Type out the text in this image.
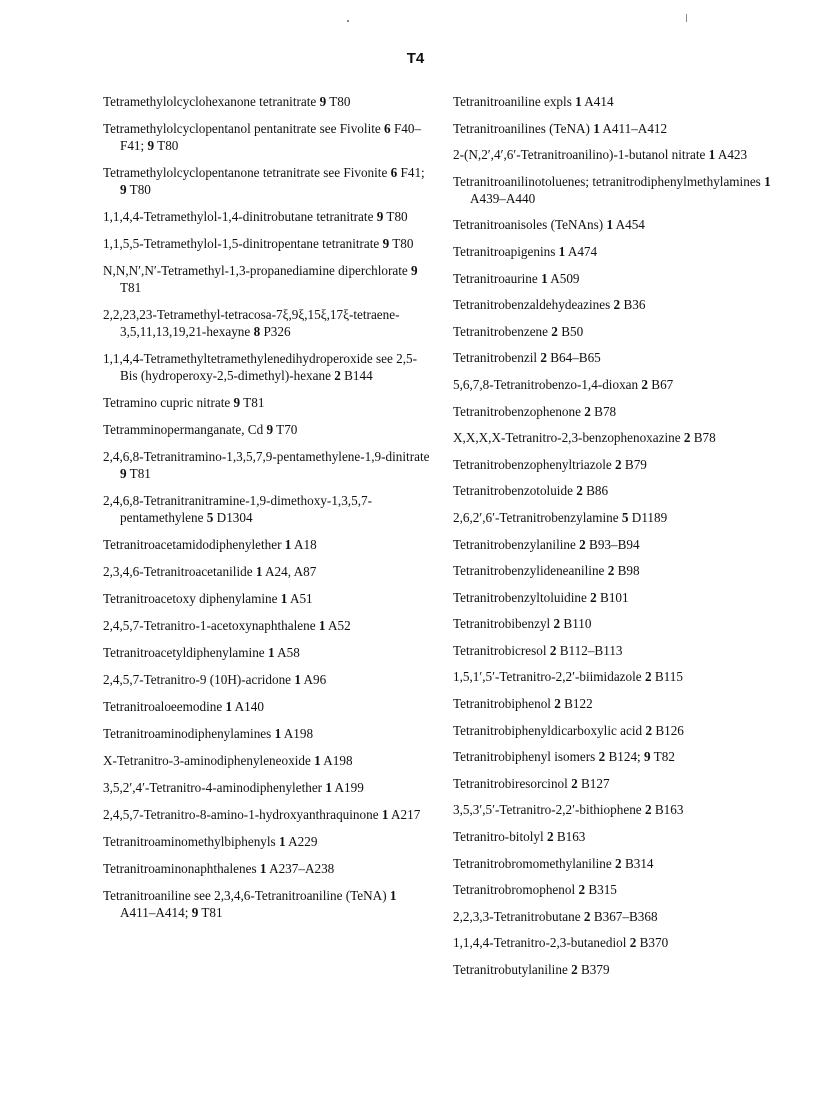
T4
Tetramethylolcyclohexanone tetranitrate 9 T80
Tetramethylolcyclopentanol pentanitrate see Fivolite 6 F40–F41; 9 T80
Tetramethylolcyclopentanone tetranitrate see Fivonite 6 F41; 9 T80
1,1,4,4-Tetramethylol-1,4-dinitrobutane tetranitrate 9 T80
1,1,5,5-Tetramethylol-1,5-dinitropentane tetranitrate 9 T80
N,N,N′,N′-Tetramethyl-1,3-propanediamine diperchlorate 9 T81
2,2,23,23-Tetramethyl-tetracosa-7ξ,9ξ,15ξ,17ξ-tetraene-3,5,11,13,19,21-hexayne 8 P326
1,1,4,4-Tetramethyltetramethylenedihydroperoxide see 2,5-Bis (hydroperoxy-2,5-dimethyl)-hexane 2 B144
Tetramino cupric nitrate 9 T81
Tetramminopermanganate, Cd 9 T70
2,4,6,8-Tetranitramino-1,3,5,7,9-pentamethylene-1,9-dinitrate 9 T81
2,4,6,8-Tetranitranitramine-1,9-dimethoxy-1,3,5,7-pentamethylene 5 D1304
Tetranitroacetamidodiphenylether 1 A18
2,3,4,6-Tetranitroacetanilide 1 A24, A87
Tetranitroacetoxy diphenylamine 1 A51
2,4,5,7-Tetranitro-1-acetoxynaphthalene 1 A52
Tetranitroacetyldiphenylamine 1 A58
2,4,5,7-Tetranitro-9 (10H)-acridone 1 A96
Tetranitroaloeemodine 1 A140
Tetranitroaminodiphenylamines 1 A198
X-Tetranitro-3-aminodiphenyleneoxide 1 A198
3,5,2′,4′-Tetranitro-4-aminodiphenylether 1 A199
2,4,5,7-Tetranitro-8-amino-1-hydroxyanthraquinone 1 A217
Tetranitroaminomethylbiphenyls 1 A229
Tetranitroaminonaphthalenes 1 A237–A238
Tetranitroaniline see 2,3,4,6-Tetranitroaniline (TeNA) 1 A411–A414; 9 T81
Tetranitroaniline expls 1 A414
Tetranitroanilines (TeNA) 1 A411–A412
2-(N,2′,4′,6′-Tetranitroanilino)-1-butanol nitrate 1 A423
Tetranitroanilinotoluenes; tetranitrodiphenylmethylamines 1 A439–A440
Tetranitroanisoles (TeNAns) 1 A454
Tetranitroapigenins 1 A474
Tetranitroaurine 1 A509
Tetranitrobenzaldehydeazines 2 B36
Tetranitrobenzene 2 B50
Tetranitrobenzil 2 B64–B65
5,6,7,8-Tetranitrobenzo-1,4-dioxan 2 B67
Tetranitrobenzophenone 2 B78
X,X,X,X-Tetranitro-2,3-benzophenoxazine 2 B78
Tetranitrobenzophenyltriazole 2 B79
Tetranitrobenzotoluide 2 B86
2,6,2′,6′-Tetranitrobenzylamine 5 D1189
Tetranitrobenzylaniline 2 B93–B94
Tetranitrobenzylideneaniline 2 B98
Tetranitrobenzyltoluidine 2 B101
Tetranitrobibenzyl 2 B110
Tetranitrobicresol 2 B112–B113
1,5,1′,5′-Tetranitro-2,2′-biimidazole 2 B115
Tetranitrobiphenol 2 B122
Tetranitrobiphenyldicarboxylic acid 2 B126
Tetranitrobiphenyl isomers 2 B124; 9 T82
Tetranitrobiresorcinol 2 B127
3,5,3′,5′-Tetranitro-2,2′-bithiophene 2 B163
Tetranitro-bitolyl 2 B163
Tetranitrobromomethylaniline 2 B314
Tetranitrobromophenol 2 B315
2,2,3,3-Tetranitrobutane 2 B367–B368
1,1,4,4-Tetranitro-2,3-butanediol 2 B370
Tetranitrobutylaniline 2 B379
